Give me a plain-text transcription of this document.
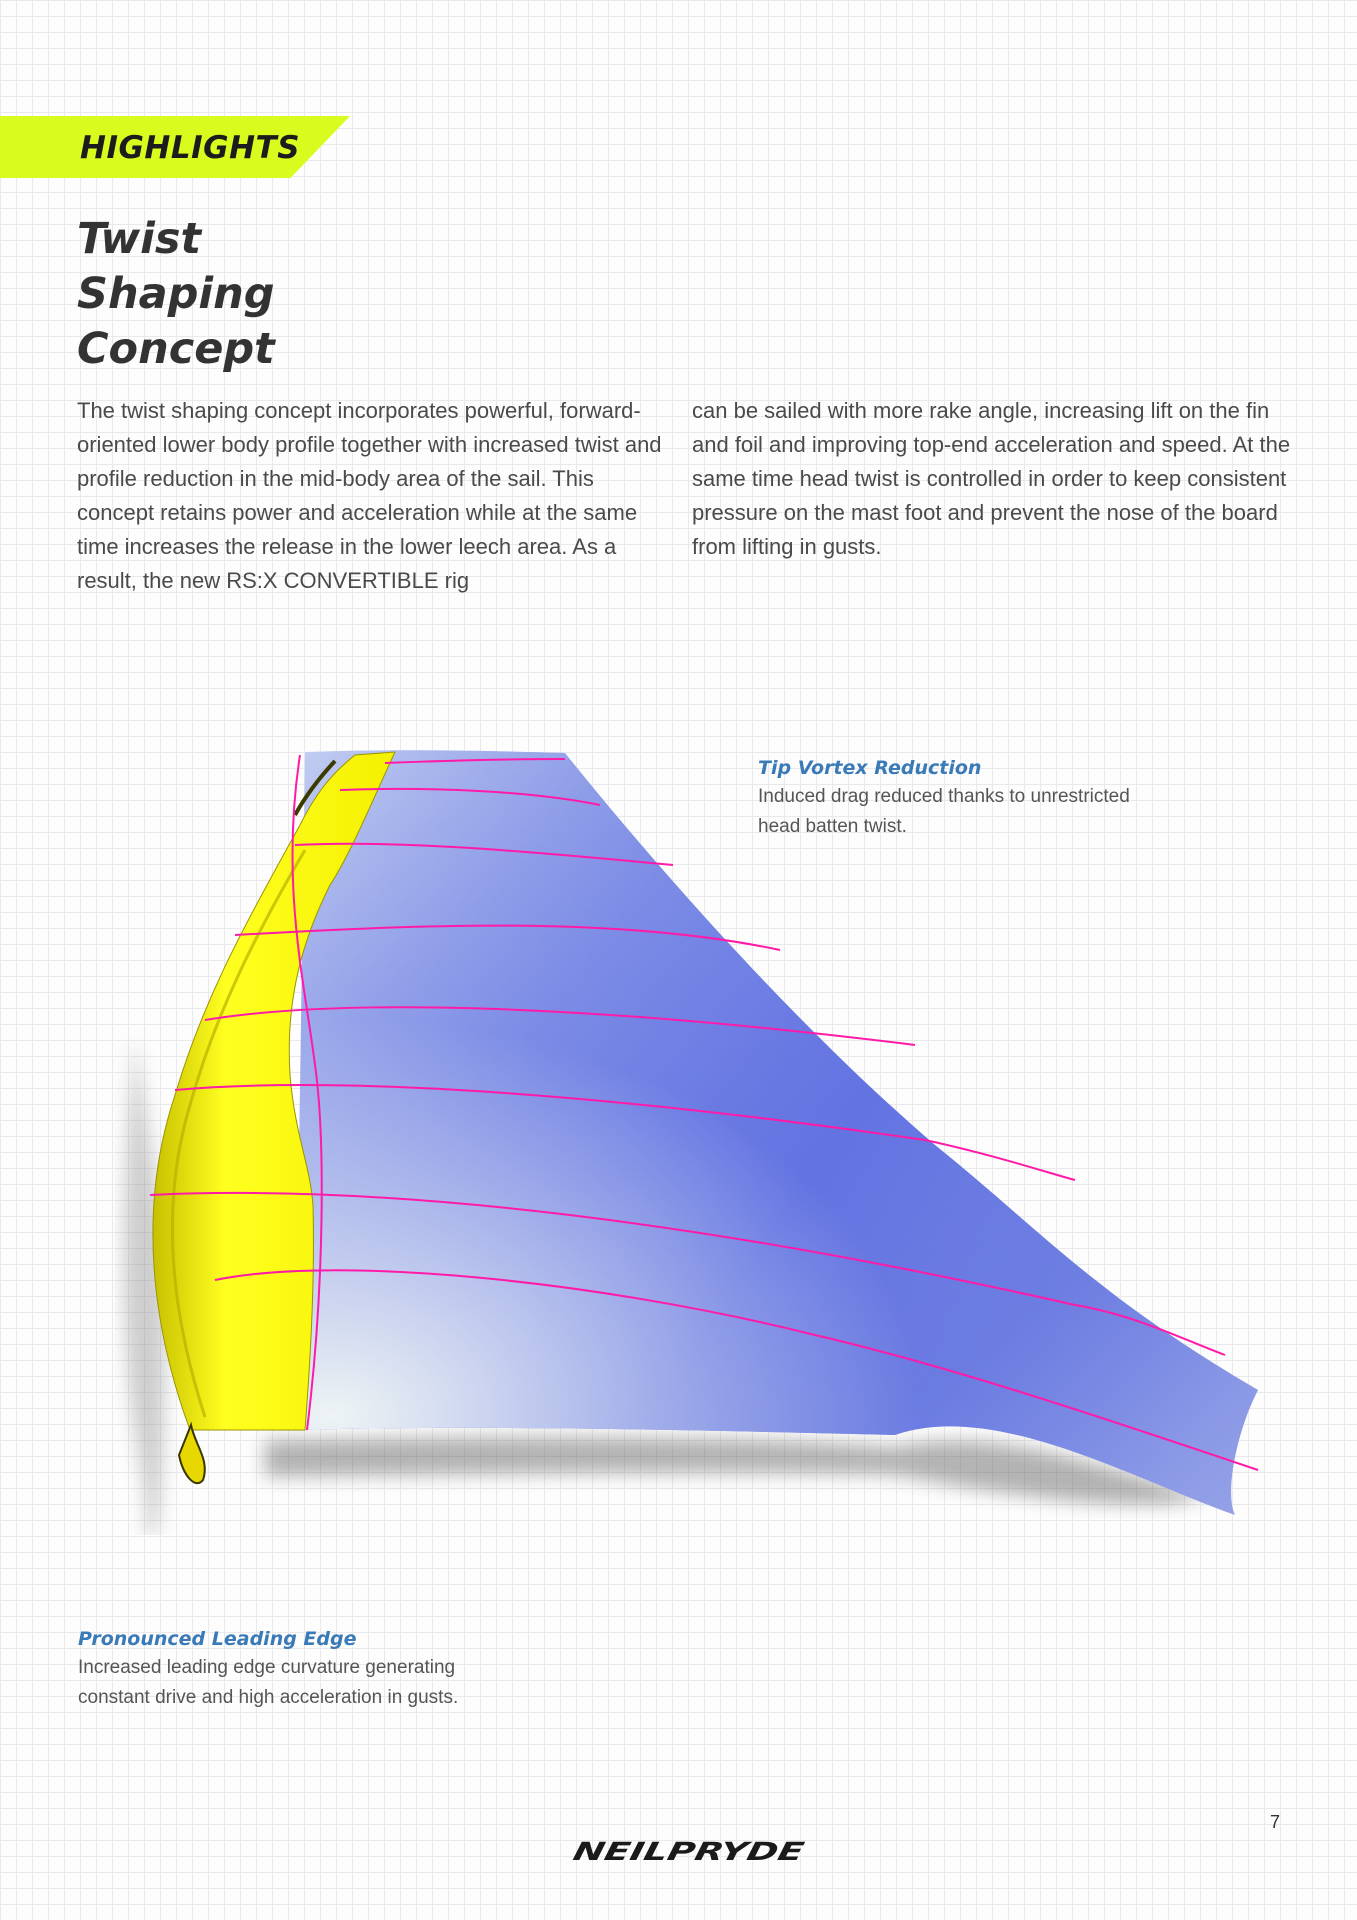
HIGHLIGHTS
Twist
Shaping
Concept

The twist shaping concept incorporates powerful, forward-oriented lower body profile together with increased twist and profile reduction in the mid-body area of the sail. This concept retains power and acceleration while at the same time increases the release in the lower leech area. As a result, the new RS:X CONVERTIBLE rig

can be sailed with more rake angle, increasing lift on the fin and foil and improving top-end acceleration and speed. At the same time head twist is controlled in order to keep consistent pressure on the mast foot and prevent the nose of the board from lifting in gusts.

Tip Vortex Reduction

Induced drag reduced thanks to unrestricted head batten twist.

Pronounced Leading Edge

Increased leading edge curvature generating constant drive and high acceleration in gusts.

NEILPRYDE
7
